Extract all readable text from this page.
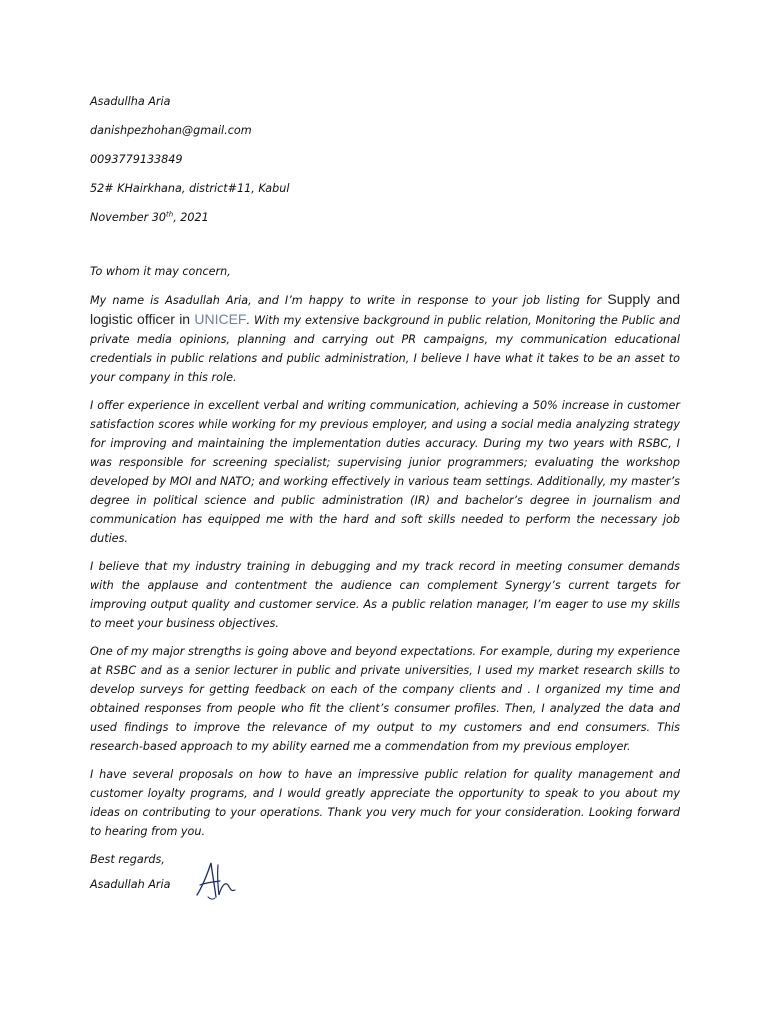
Asadullha Aria

danishpezhohan@gmail.com

0093779133849

52# KHairkhana, district#11, Kabul

November 30th, 2021

To whom it may concern,

My name is Asadullah Aria, and I’m happy to write in response to your job listing for Supply and logistic officer in UNICEF. With my extensive background in public relation, Monitoring the Public and private media opinions, planning and carrying out PR campaigns, my communication educational credentials in public relations and public administration, I believe I have what it takes to be an asset to your company in this role.

I offer experience in excellent verbal and writing communication, achieving a 50% increase in customer satisfaction scores while working for my previous employer, and using a social media analyzing strategy for improving and maintaining the implementation duties accuracy. During my two years with RSBC, I was responsible for screening specialist; supervising junior programmers; evaluating the workshop developed by MOI and NATO; and working effectively in various team settings. Additionally, my master’s degree in political science and public administration (IR) and bachelor’s degree in journalism and communication has equipped me with the hard and soft skills needed to perform the necessary job duties.

I believe that my industry training in debugging and my track record in meeting consumer demands with the applause and contentment the audience can complement Synergy’s current targets for improving output quality and customer service. As a public relation manager, I’m eager to use my skills to meet your business objectives.

One of my major strengths is going above and beyond expectations. For example, during my experience at RSBC and as a senior lecturer in public and private universities, I used my market research skills to develop surveys for getting feedback on each of the company clients and . I organized my time and obtained responses from people who fit the client’s consumer profiles. Then, I analyzed the data and used findings to improve the relevance of my output to my customers and end consumers. This research-based approach to my ability earned me a commendation from my previous employer.

I have several proposals on how to have an impressive public relation for quality management and customer loyalty programs, and I would greatly appreciate the opportunity to speak to you about my ideas on contributing to your operations. Thank you very much for your consideration. Looking forward to hearing from you.

Best regards,

Asadullah Aria
